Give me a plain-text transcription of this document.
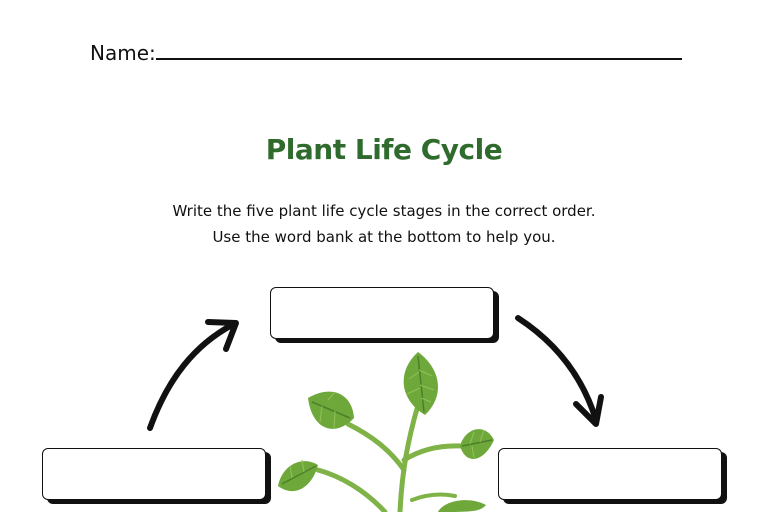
Name:
Plant Life Cycle
Write the five plant life cycle stages in the correct order.
Use the word bank at the bottom to help you.
